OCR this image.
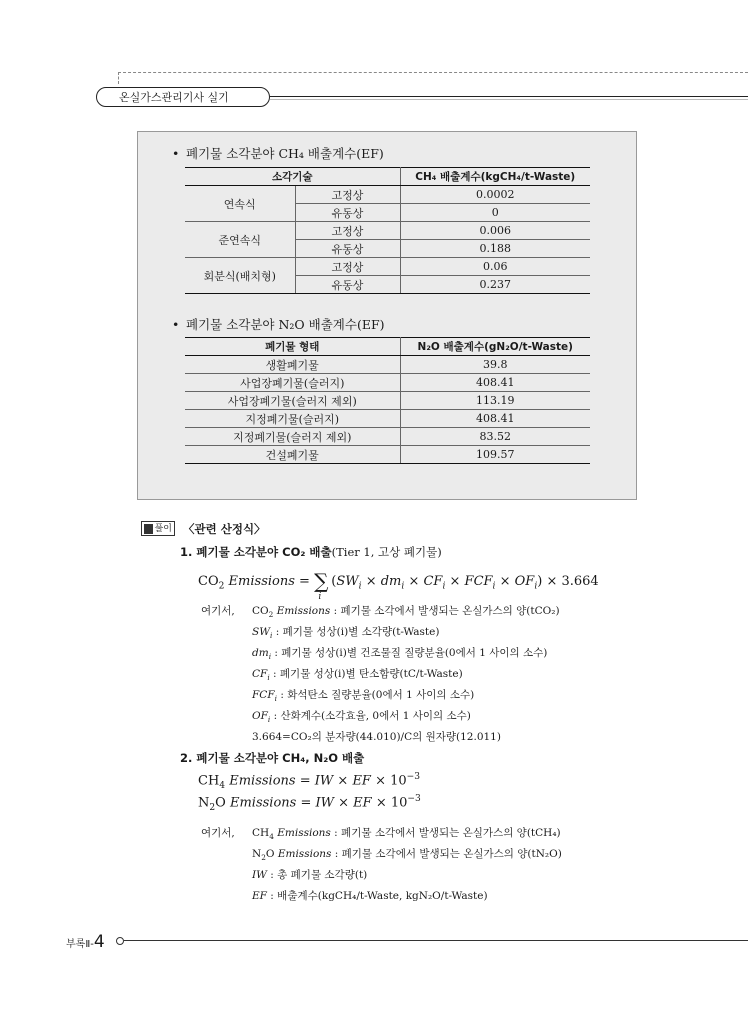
온실가스관리기사 실기
• 폐기물 소각분야 CH₄ 배출계수(EF)
소각기술		CH₄ 배출계수(kgCH₄/t-Waste)
연속식	고정상	0.0002
	유동상	0
준연속식	고정상	0.006
	유동상	0.188
회분식(배치형)	고정상	0.06
	유동상	0.237
• 폐기물 소각분야 N₂O 배출계수(EF)
폐기물 형태	N₂O 배출계수(gN₂O/t-Waste)
생활폐기물	39.8
사업장폐기물(슬러지)	408.41
사업장폐기물(슬러지 제외)	113.19
지정폐기물(슬러지)	408.41
지정폐기물(슬러지 제외)	83.52
건설폐기물	109.57
풀이 〈관련 산정식〉
1. 폐기물 소각분야 CO₂ 배출(Tier 1, 고상 폐기물)
$CO_2$ Emissions = $\sum_i(SW_i \times dm_i \times CF_i \times FCF_i \times OF_i) \times 3.664$
여기서, $CO_2$ Emissions : 폐기물 소각에서 발생되는 온실가스의 양(tCO₂)
$SW_i$ : 폐기물 성상(i)별 소각량(t-Waste)
$dm_i$ : 폐기물 성상(i)별 건조물질 질량분율(0에서 1 사이의 소수)
$CF_i$ : 폐기물 성상(i)별 탄소함량(tC/t-Waste)
$FCF_i$ : 화석탄소 질량분율(0에서 1 사이의 소수)
$OF_i$ : 산화계수(소각효율, 0에서 1 사이의 소수)
3.664=CO₂의 분자량(44.010)/C의 원자량(12.011)
2. 폐기물 소각분야 CH₄, N₂O 배출
$CH_4$ Emissions = IW × EF × $10^{-3}$
$N_2O$ Emissions = IW × EF × $10^{-3}$
여기서, $CH_4$ Emissions : 폐기물 소각에서 발생되는 온실가스의 양(tCH₄)
$N_2O$ Emissions : 폐기물 소각에서 발생되는 온실가스의 양(tN₂O)
IW : 총 폐기물 소각량(t)
EF : 배출계수(kgCH₄/t-Waste, kgN₂O/t-Waste)
부록Ⅱ-4
